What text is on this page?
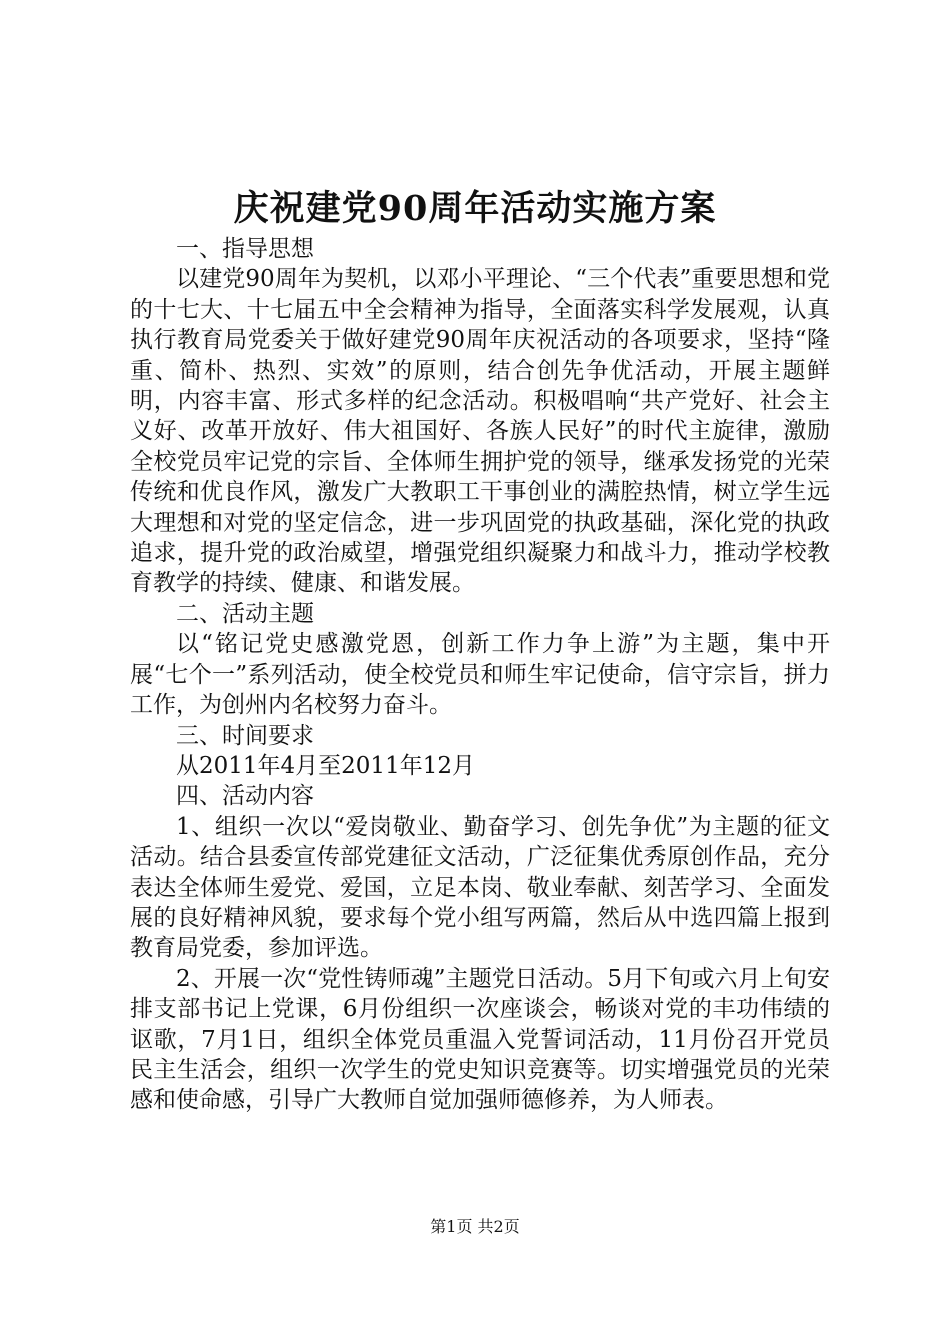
庆祝建党90周年活动实施方案

一、指导思想

以建党90周年为契机，以邓小平理论、“三个代表”重要思想和党的十七大、十七届五中全会精神为指导，全面落实科学发展观，认真执行教育局党委关于做好建党90周年庆祝活动的各项要求，坚持“隆重、简朴、热烈、实效”的原则，结合创先争优活动，开展主题鲜明，内容丰富、形式多样的纪念活动。积极唱响“共产党好、社会主义好、改革开放好、伟大祖国好、各族人民好”的时代主旋律，激励全校党员牢记党的宗旨、全体师生拥护党的领导，继承发扬党的光荣传统和优良作风，激发广大教职工干事创业的满腔热情，树立学生远大理想和对党的坚定信念，进一步巩固党的执政基础，深化党的执政追求，提升党的政治威望，增强党组织凝聚力和战斗力，推动学校教育教学的持续、健康、和谐发展。

二、活动主题

以“铭记党史感激党恩，创新工作力争上游”为主题，集中开展“七个一”系列活动，使全校党员和师生牢记使命，信守宗旨，拼力工作，为创州内名校努力奋斗。

三、时间要求

从2011年4月至2011年12月

四、活动内容

1、组织一次以“爱岗敬业、勤奋学习、创先争优”为主题的征文活动。结合县委宣传部党建征文活动，广泛征集优秀原创作品，充分表达全体师生爱党、爱国，立足本岗、敬业奉献、刻苦学习、全面发展的良好精神风貌，要求每个党小组写两篇，然后从中选四篇上报到教育局党委，参加评选。

2、开展一次“党性铸师魂”主题党日活动。5月下旬或六月上旬安排支部书记上党课，6月份组织一次座谈会，畅谈对党的丰功伟绩的讴歌，7月1日，组织全体党员重温入党誓词活动，11月份召开党员民主生活会，组织一次学生的党史知识竞赛等。切实增强党员的光荣感和使命感，引导广大教师自觉加强师德修养，为人师表。

第1页 共2页
